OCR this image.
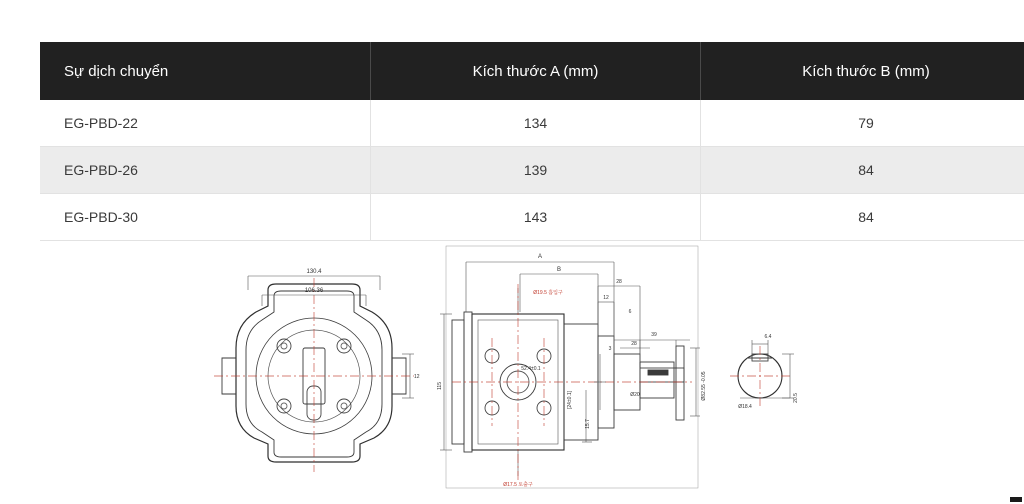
Sự dịch chuyển	Kích thước A (mm)	Kích thước B (mm)
EG-PBD-22	134	79
EG-PBD-26	139	84
EG-PBD-30	143	84
130.4
106.36
12
A
B
28
12
6
39
28
3
115
15.7
52.4±0.1
[24±0.1]	Ø20	Ø82.55 -0.05
Ø19.5 흡입구
Ø17.5 토출구
6.4
Ø18.4
20.5
